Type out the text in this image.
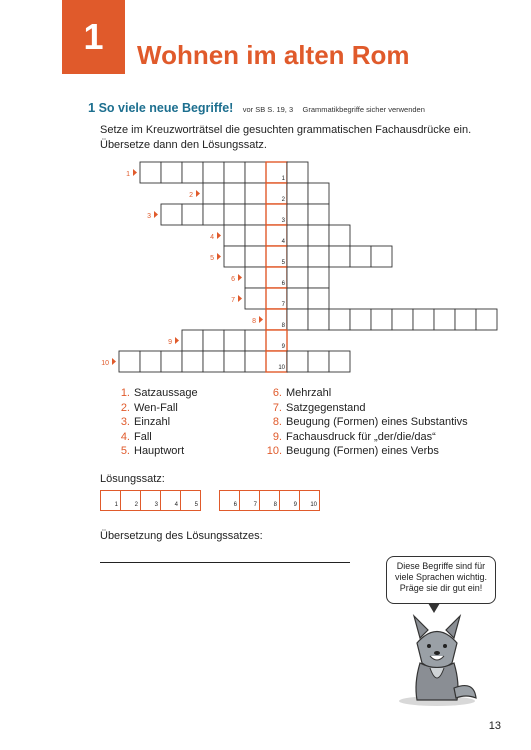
1	Wohnen im alten Rom
1 So viele neue Begriffe! vor SB S. 19, 3 Grammatikbegriffe sicher verwenden
Setze im Kreuzworträtsel die gesuchten grammatischen Fachausdrücke ein.
Übersetze dann den Lösungssatz.
1
1
2
2
3
3
4
4
5
5
6
6
7
7
8
8
9
9
10
10
1. Satzaussage
2. Wen-Fall
3. Einzahl
4. Fall
5. Hauptwort
6. Mehrzahl
7. Satzgegenstand
8. Beugung (Formen) eines Substantivs
9. Fachausdruck für „der/die/das“
10. Beugung (Formen) eines Verbs
Lösungssatz:
1	2	3	4	5	6	7	8	9	10
Übersetzung des Lösungssatzes:
Diese Begriffe sind für viele Sprachen wichtig. Präge sie dir gut ein!
13
